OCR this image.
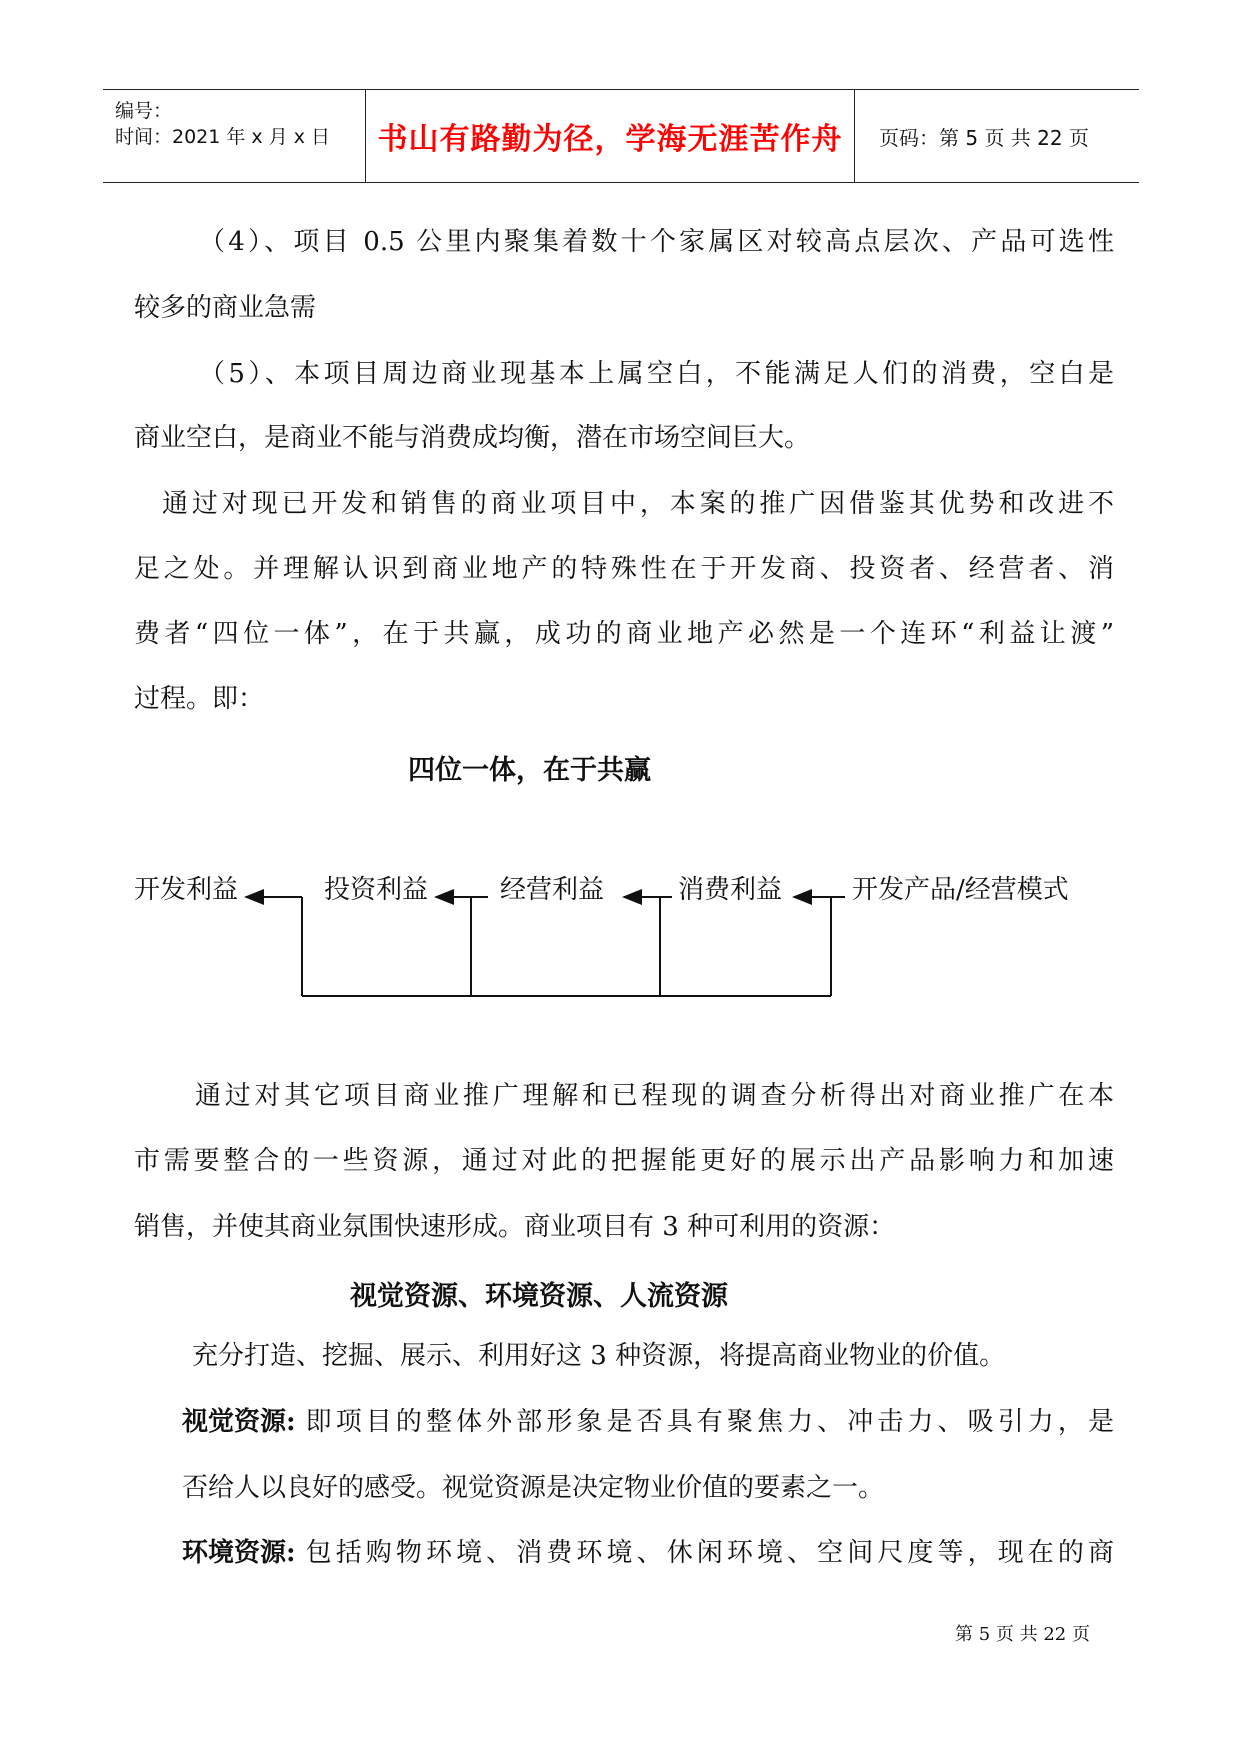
编号：
时间：2021 年 x 月 x 日	书山有路勤为径，学海无涯苦作舟	页码：第 5 页 共 22 页
（4）、项目 0.5 公里内聚集着数十个家属区对较高点层次、产品可选性
较多的商业急需
（5）、本项目周边商业现基本上属空白，不能满足人们的消费，空白是
商业空白，是商业不能与消费成均衡，潜在市场空间巨大。
通过对现已开发和销售的商业项目中，本案的推广因借鉴其优势和改进不
足之处。并理解认识到商业地产的特殊性在于开发商、投资者、经营者、消
费者“四位一体”，在于共赢，成功的商业地产必然是一个连环“利益让渡”
过程。即：
四位一体，在于共赢
开发利益	投资利益	经营利益	消费利益	开发产品/经营模式
通过对其它项目商业推广理解和已程现的调查分析得出对商业推广在本
市需要整合的一些资源，通过对此的把握能更好的展示出产品影响力和加速
销售，并使其商业氛围快速形成。商业项目有 3 种可利用的资源：
视觉资源、环境资源、人流资源
充分打造、挖掘、展示、利用好这 3 种资源，将提高商业物业的价值。
视觉资源: 即项目的整体外部形象是否具有聚焦力、冲击力、吸引力，是
否给人以良好的感受。视觉资源是决定物业价值的要素之一。
环境资源: 包括购物环境、消费环境、休闲环境、空间尺度等，现在的商
第 5 页 共 22 页
